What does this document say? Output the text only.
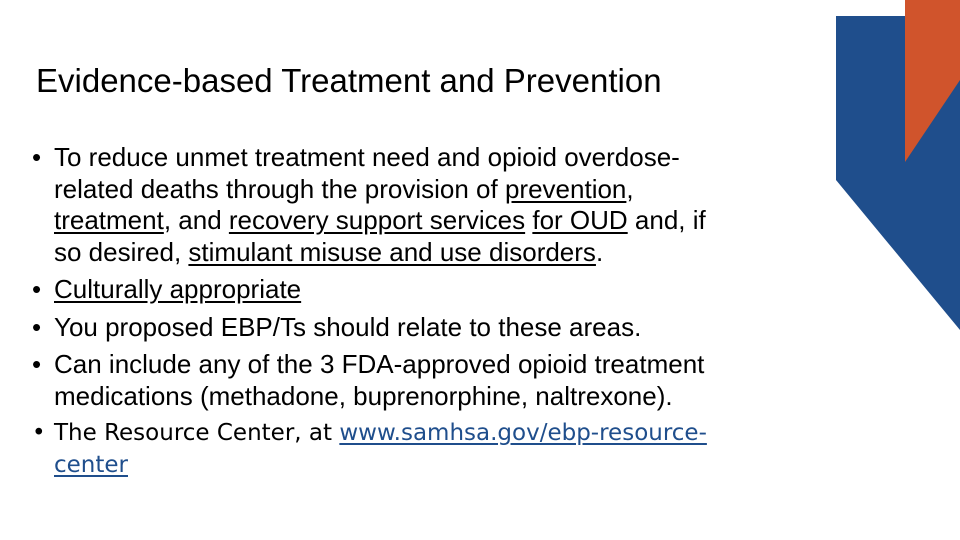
Evidence-based Treatment and Prevention
• To reduce unmet treatment need and opioid overdose-
related deaths through the provision of prevention,
treatment, and recovery support services for OUD and, if
so desired, stimulant misuse and use disorders.
• Culturally appropriate
• You proposed EBP/Ts should relate to these areas.
• Can include any of the 3 FDA-approved opioid treatment
medications (methadone, buprenorphine, naltrexone).
• The Resource Center, at www.samhsa.gov/ebp-resource-
center
